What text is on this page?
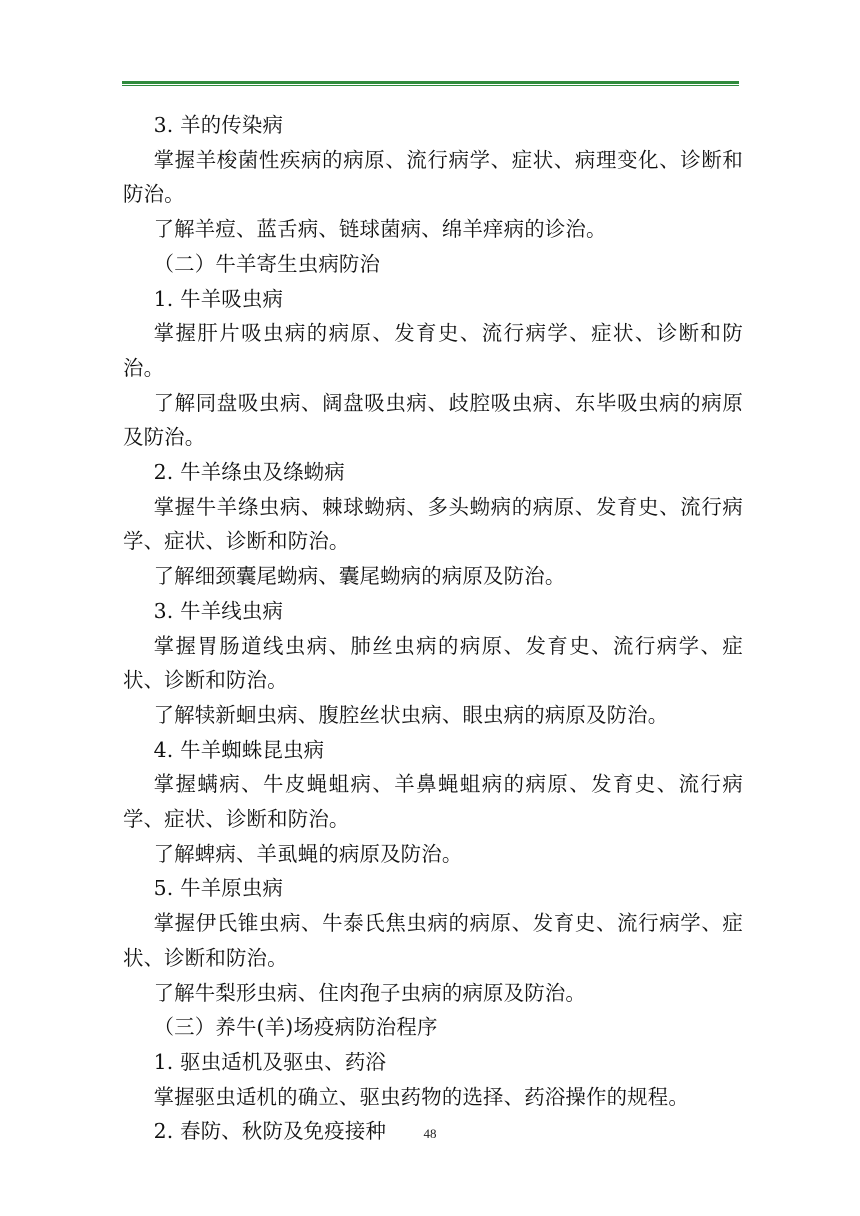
3. 羊的传染病

掌握羊梭菌性疾病的病原、流行病学、症状、病理变化、诊断和防治。

了解羊痘、蓝舌病、链球菌病、绵羊痒病的诊治。

（二）牛羊寄生虫病防治

1. 牛羊吸虫病

掌握肝片吸虫病的病原、发育史、流行病学、症状、诊断和防治。

了解同盘吸虫病、阔盘吸虫病、歧腔吸虫病、东毕吸虫病的病原及防治。

2. 牛羊绦虫及绦蚴病

掌握牛羊绦虫病、棘球蚴病、多头蚴病的病原、发育史、流行病学、症状、诊断和防治。

了解细颈囊尾蚴病、囊尾蚴病的病原及防治。

3. 牛羊线虫病

掌握胃肠道线虫病、肺丝虫病的病原、发育史、流行病学、症状、诊断和防治。

了解犊新蛔虫病、腹腔丝状虫病、眼虫病的病原及防治。

4. 牛羊蜘蛛昆虫病

掌握螨病、牛皮蝇蛆病、羊鼻蝇蛆病的病原、发育史、流行病学、症状、诊断和防治。

了解蜱病、羊虱蝇的病原及防治。

5. 牛羊原虫病

掌握伊氏锥虫病、牛泰氏焦虫病的病原、发育史、流行病学、症状、诊断和防治。

了解牛梨形虫病、住肉孢子虫病的病原及防治。

（三）养牛(羊)场疫病防治程序

1. 驱虫适机及驱虫、药浴

掌握驱虫适机的确立、驱虫药物的选择、药浴操作的规程。

2. 春防、秋防及免疫接种	48
